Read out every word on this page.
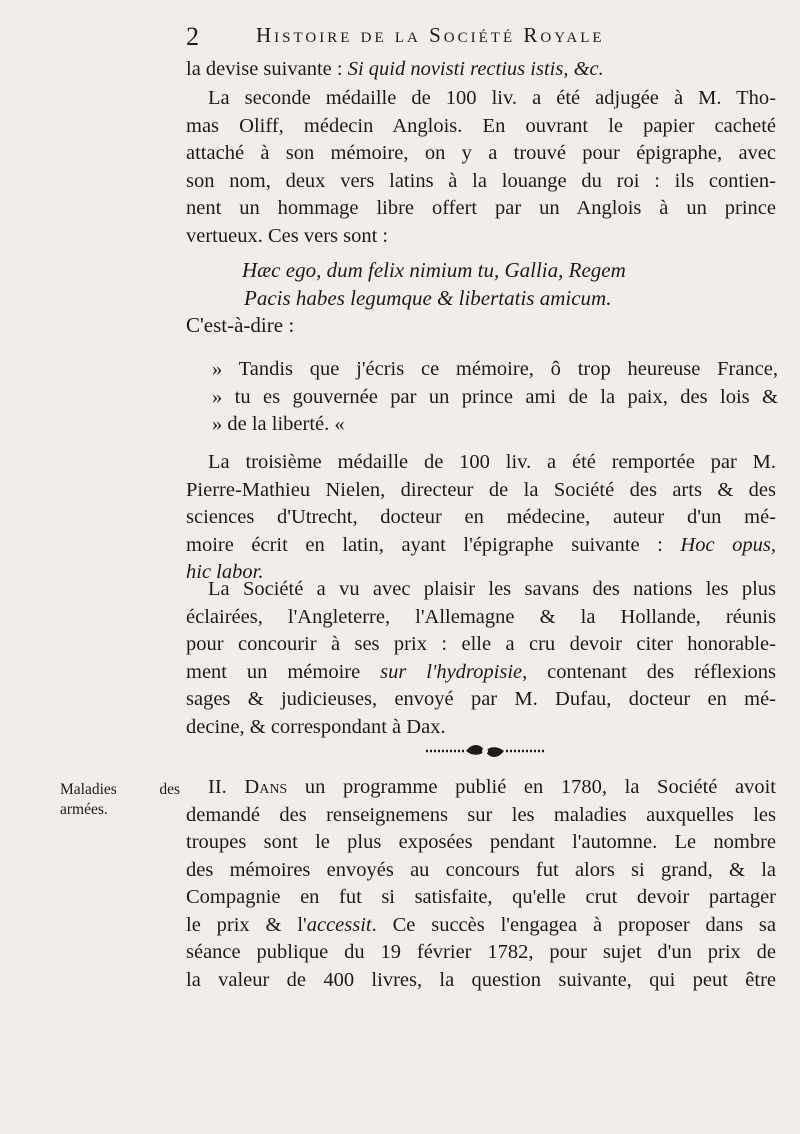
2	Histoire de la Société Royale
la devise suivante : Si quid novisti rectius istis, &c.
La seconde médaille de 100 liv. a été adjugée à M. Tho-
mas Oliff, médecin Anglois. En ouvrant le papier cacheté
attaché à son mémoire, on y a trouvé pour épigraphe, avec
son nom, deux vers latins à la louange du roi : ils contien-
nent un hommage libre offert par un Anglois à un prince
vertueux. Ces vers sont :
Hæc ego, dum felix nimium tu, Gallia, Regem
Pacis habes legumque & libertatis amicum.
C'est-à-dire :
» Tandis que j'écris ce mémoire, ô trop heureuse France,
» tu es gouvernée par un prince ami de la paix, des lois &
» de la liberté. «
La troisième médaille de 100 liv. a été remportée par M.
Pierre-Mathieu Nielen, directeur de la Société des arts & des
sciences d'Utrecht, docteur en médecine, auteur d'un mé-
moire écrit en latin, ayant l'épigraphe suivante : Hoc opus,
hic labor.
La Société a vu avec plaisir les savans des nations les plus
éclairées, l'Angleterre, l'Allemagne & la Hollande, réunis
pour concourir à ses prix : elle a cru devoir citer honorable-
ment un mémoire sur l'hydropisie, contenant des réflexions
sages & judicieuses, envoyé par M. Dufau, docteur en mé-
decine, & correspondant à Dax.
Maladies des
armées.
II. Dans un programme publié en 1780, la Société avoit
demandé des renseignemens sur les maladies auxquelles les
troupes sont le plus exposées pendant l'automne. Le nombre
des mémoires envoyés au concours fut alors si grand, & la
Compagnie en fut si satisfaite, qu'elle crut devoir partager
le prix & l'accessit. Ce succès l'engagea à proposer dans sa
séance publique du 19 février 1782, pour sujet d'un prix de
la valeur de 400 livres, la question suivante, qui peut être
